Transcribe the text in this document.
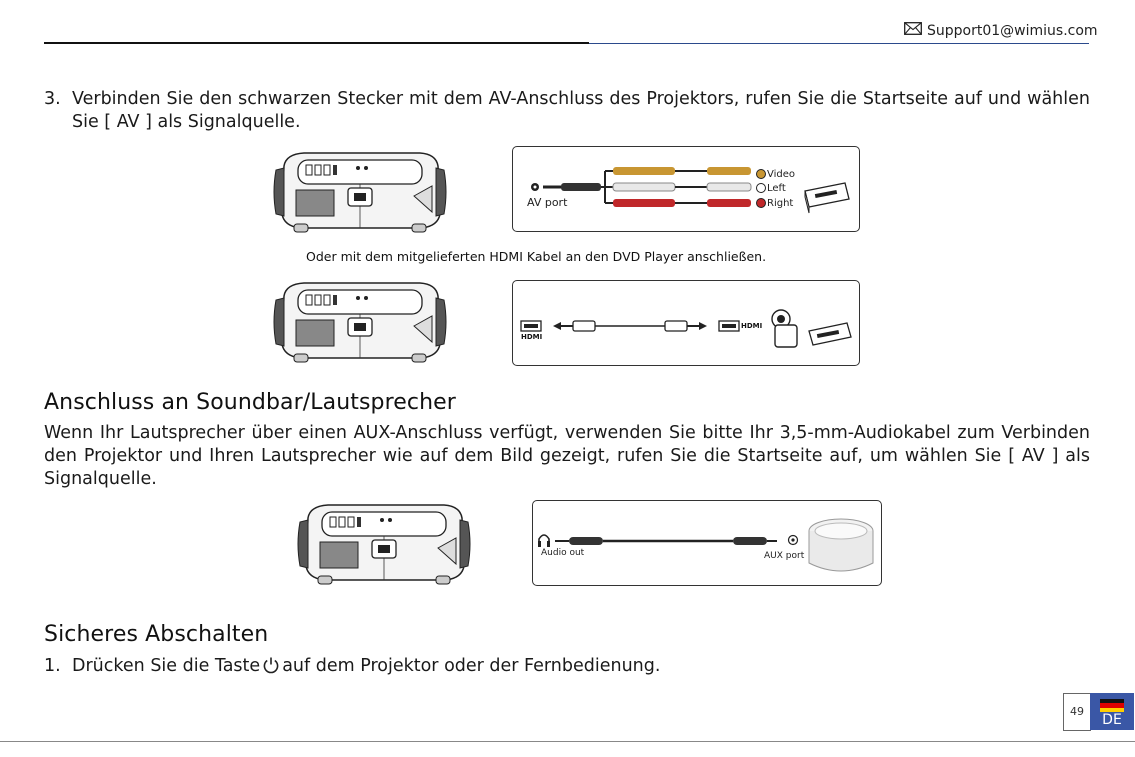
Support01@wimius.com
3. Verbinden Sie den schwarzen Stecker mit dem AV-Anschluss des Projektors, rufen Sie die Startseite auf und wählen Sie [ AV ] als Signalquelle.
AV port
Video
Left
Right
Oder mit dem mitgelieferten HDMI Kabel an den DVD Player anschließen.
HDMI
HDMI
Anschluss an Soundbar/Lautsprecher
Wenn Ihr Lautsprecher über einen AUX-Anschluss verfügt, verwenden Sie bitte Ihr 3,5-mm-Audiokabel zum Verbinden den Projektor und Ihren Lautsprecher wie auf dem Bild gezeigt, rufen Sie die Startseite auf, um wählen Sie [ AV ] als Signalquelle.
Audio out	AUX port
Sicheres Abschalten
1. Drücken Sie die Taste auf dem Projektor oder der Fernbedienung.
49
DE
